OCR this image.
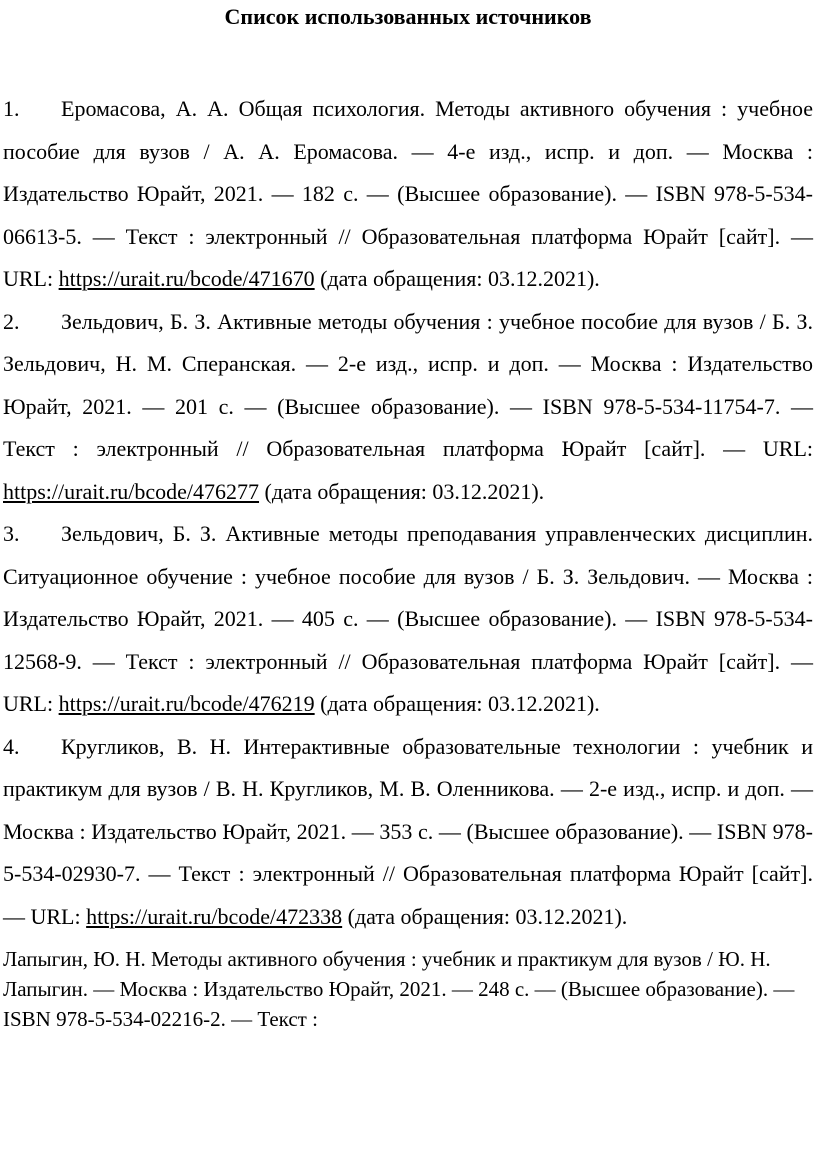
Список использованных источников

1. Еромасова, А. А. Общая психология. Методы активного обучения : учебное пособие для вузов / А. А. Еромасова. — 4-е изд., испр. и доп. — Москва : Издательство Юрайт, 2021. — 182 с. — (Высшее образование). — ISBN 978-5-534-06613-5. — Текст : электронный // Образовательная платформа Юрайт [сайт]. — URL: https://urait.ru/bcode/471670 (дата обращения: 03.12.2021).

2. Зельдович, Б. З. Активные методы обучения : учебное пособие для вузов / Б. З. Зельдович, Н. М. Сперанская. — 2-е изд., испр. и доп. — Москва : Издательство Юрайт, 2021. — 201 с. — (Высшее образование). — ISBN 978-5-534-11754-7. — Текст : электронный // Образовательная платформа Юрайт [сайт]. — URL: https://urait.ru/bcode/476277 (дата обращения: 03.12.2021).

3. Зельдович, Б. З. Активные методы преподавания управленческих дисциплин. Ситуационное обучение : учебное пособие для вузов / Б. З. Зельдович. — Москва : Издательство Юрайт, 2021. — 405 с. — (Высшее образование). — ISBN 978-5-534-12568-9. — Текст : электронный // Образовательная платформа Юрайт [сайт]. — URL: https://urait.ru/bcode/476219 (дата обращения: 03.12.2021).

4. Кругликов, В. Н. Интерактивные образовательные технологии : учебник и практикум для вузов / В. Н. Кругликов, М. В. Оленникова. — 2-е изд., испр. и доп. — Москва : Издательство Юрайт, 2021. — 353 с. — (Высшее образование). — ISBN 978-5-534-02930-7. — Текст : электронный // Образовательная платформа Юрайт [сайт]. — URL: https://urait.ru/bcode/472338 (дата обращения: 03.12.2021).

Лапыгин, Ю. Н. Методы активного обучения : учебник и практикум для вузов / Ю. Н. Лапыгин. — Москва : Издательство Юрайт, 2021. — 248 с. — (Высшее образование). — ISBN 978-5-534-02216-2. — Текст :
